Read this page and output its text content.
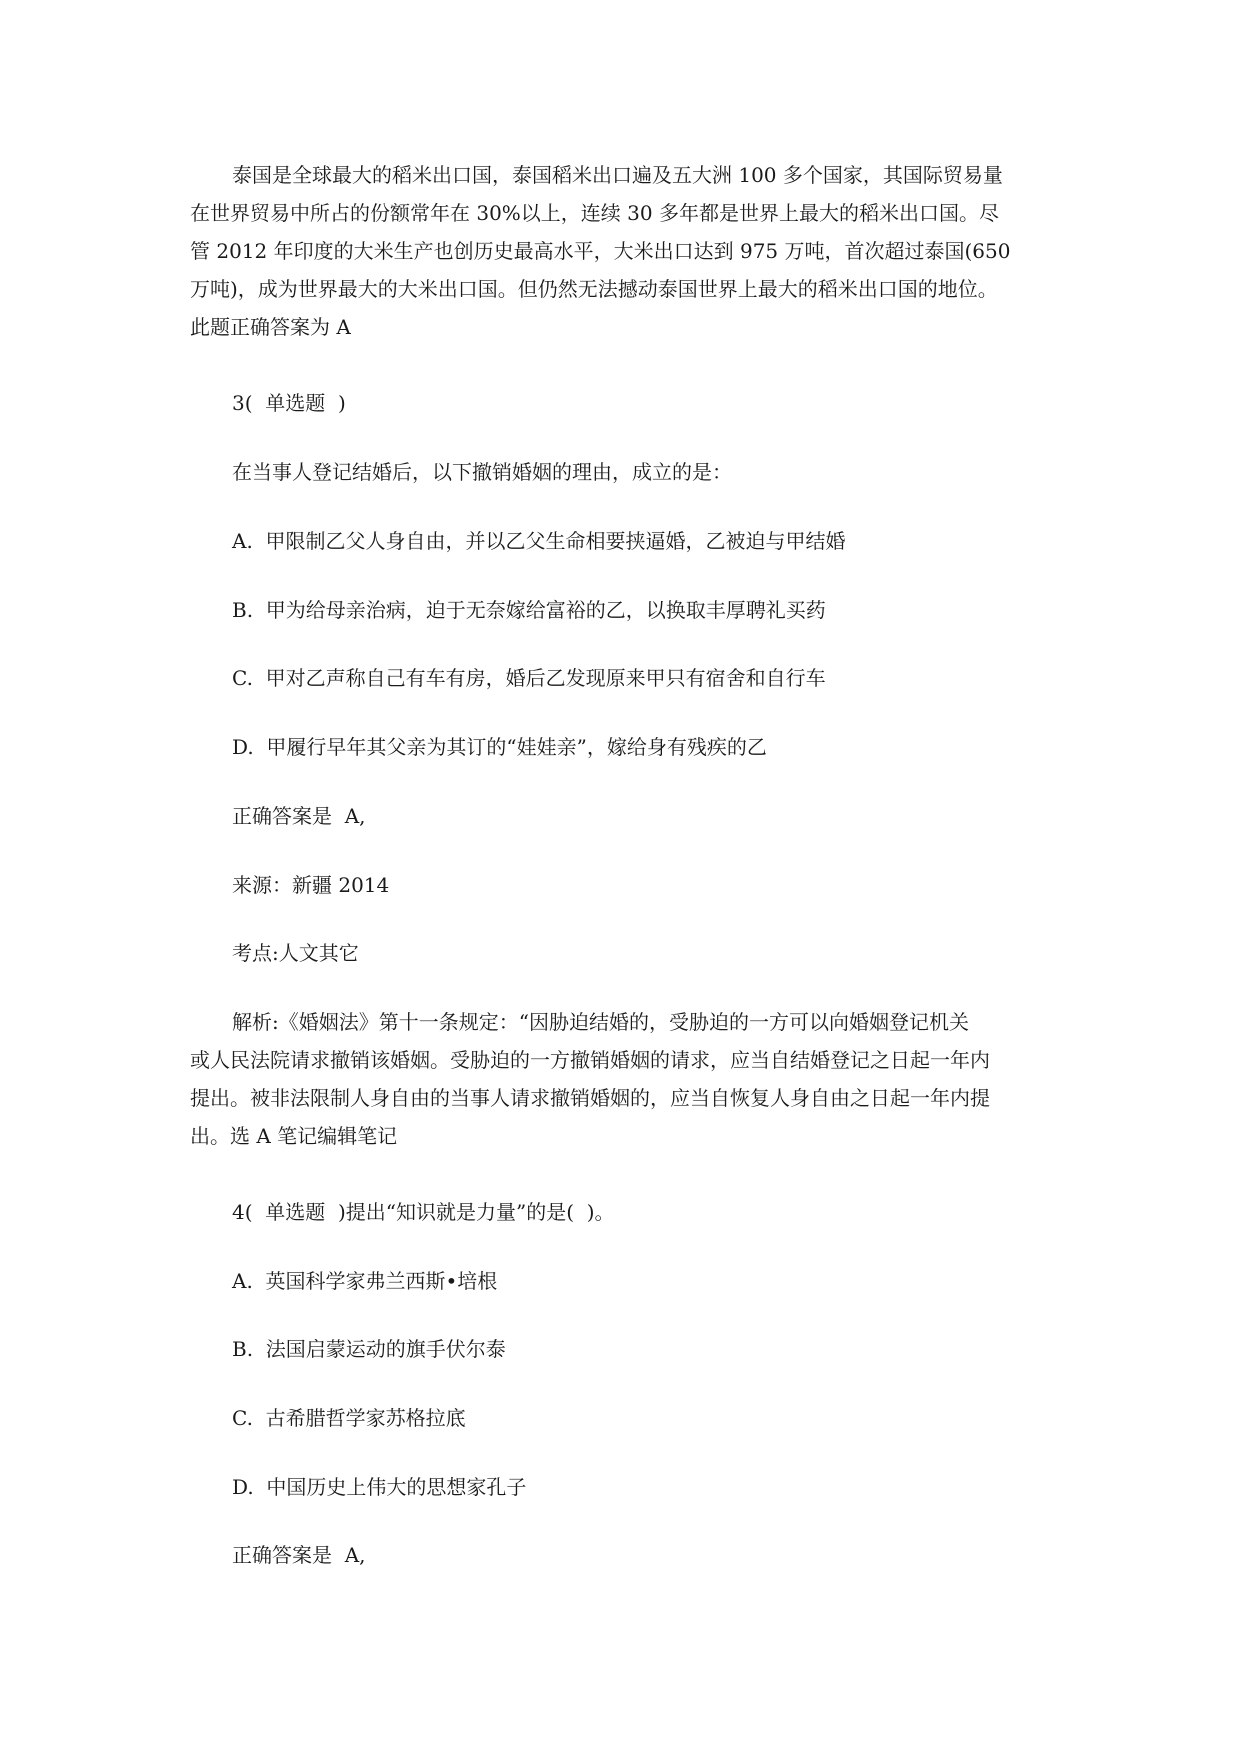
泰国是全球最大的稻米出口国，泰国稻米出口遍及五大洲 100 多个国家，其国际贸易量
在世界贸易中所占的份额常年在 30%以上，连续 30 多年都是世界上最大的稻米出口国。尽
管 2012 年印度的大米生产也创历史最高水平，大米出口达到 975 万吨，首次超过泰国(650
万吨)，成为世界最大的大米出口国。但仍然无法撼动泰国世界上最大的稻米出口国的地位。
此题正确答案为 A
3(  单选题  )
在当事人登记结婚后，以下撤销婚姻的理由，成立的是：
A.  甲限制乙父人身自由，并以乙父生命相要挟逼婚，乙被迫与甲结婚
B.  甲为给母亲治病，迫于无奈嫁给富裕的乙，以换取丰厚聘礼买药
C.  甲对乙声称自己有车有房，婚后乙发现原来甲只有宿舍和自行车
D.  甲履行早年其父亲为其订的“娃娃亲”，嫁给身有残疾的乙
正确答案是  A,
来源：新疆 2014
考点:人文其它
解析:《婚姻法》第十一条规定：“因胁迫结婚的，受胁迫的一方可以向婚姻登记机关
或人民法院请求撤销该婚姻。受胁迫的一方撤销婚姻的请求，应当自结婚登记之日起一年内
提出。被非法限制人身自由的当事人请求撤销婚姻的，应当自恢复人身自由之日起一年内提
出。选 A 笔记编辑笔记
4(  单选题  )提出“知识就是力量”的是(  )。
A.  英国科学家弗兰西斯•培根
B.  法国启蒙运动的旗手伏尔泰
C.  古希腊哲学家苏格拉底
D.  中国历史上伟大的思想家孔子
正确答案是  A,
